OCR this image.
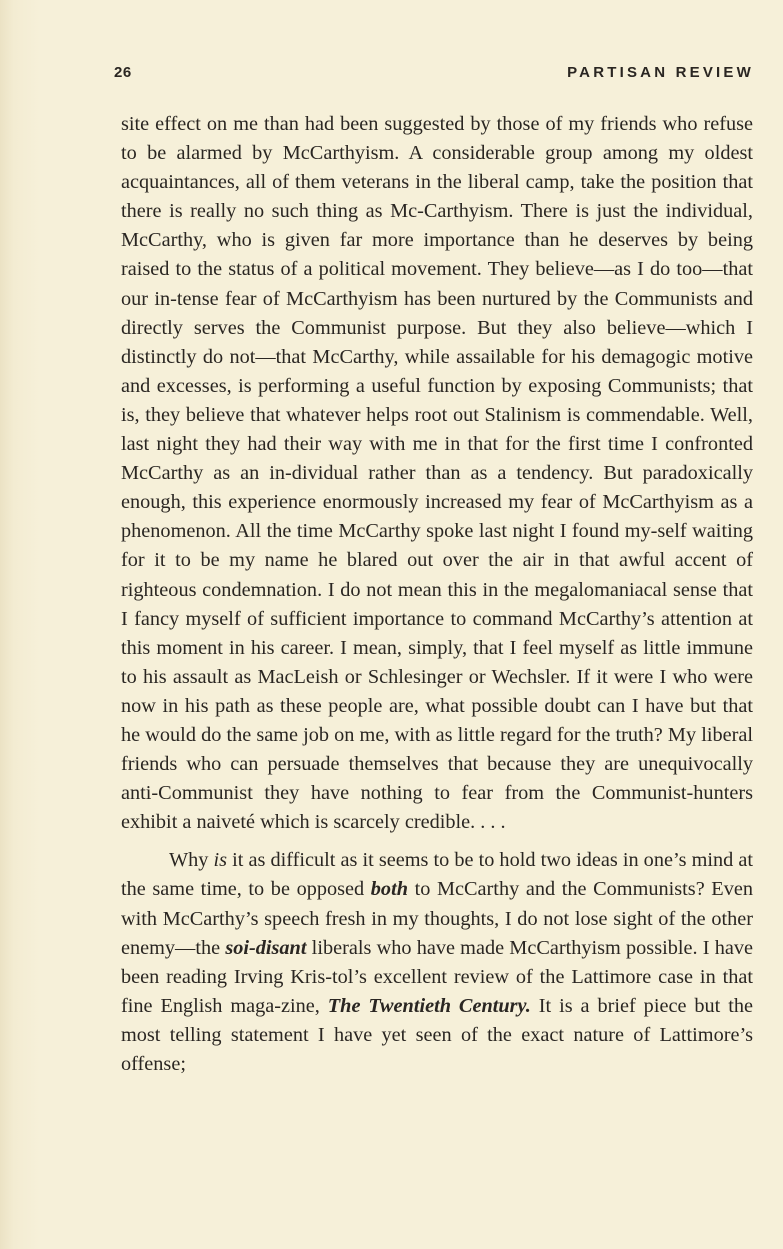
26	PARTISAN REVIEW

site effect on me than had been suggested by those of my friends who refuse to be alarmed by McCarthyism. A considerable group among my oldest acquaintances, all of them veterans in the liberal camp, take the position that there is really no such thing as Mc-Carthyism. There is just the individual, McCarthy, who is given far more importance than he deserves by being raised to the status of a political movement. They believe—as I do too—that our in-tense fear of McCarthyism has been nurtured by the Communists and directly serves the Communist purpose. But they also believe—which I distinctly do not—that McCarthy, while assailable for his demagogic motive and excesses, is performing a useful function by exposing Communists; that is, they believe that whatever helps root out Stalinism is commendable. Well, last night they had their way with me in that for the first time I confronted McCarthy as an in-dividual rather than as a tendency. But paradoxically enough, this experience enormously increased my fear of McCarthyism as a phenomenon. All the time McCarthy spoke last night I found my-self waiting for it to be my name he blared out over the air in that awful accent of righteous condemnation. I do not mean this in the megalomaniacal sense that I fancy myself of sufficient importance to command McCarthy’s attention at this moment in his career. I mean, simply, that I feel myself as little immune to his assault as MacLeish or Schlesinger or Wechsler. If it were I who were now in his path as these people are, what possible doubt can I have but that he would do the same job on me, with as little regard for the truth? My liberal friends who can persuade themselves that because they are unequivocally anti-Communist they have nothing to fear from the Communist-hunters exhibit a naiveté which is scarcely credible. . . .

Why is it as difficult as it seems to be to hold two ideas in one’s mind at the same time, to be opposed both to McCarthy and the Communists? Even with McCarthy’s speech fresh in my thoughts, I do not lose sight of the other enemy—the soi-disant liberals who have made McCarthyism possible. I have been reading Irving Kris-tol’s excellent review of the Lattimore case in that fine English maga-zine, The Twentieth Century. It is a brief piece but the most telling statement I have yet seen of the exact nature of Lattimore’s offense;
